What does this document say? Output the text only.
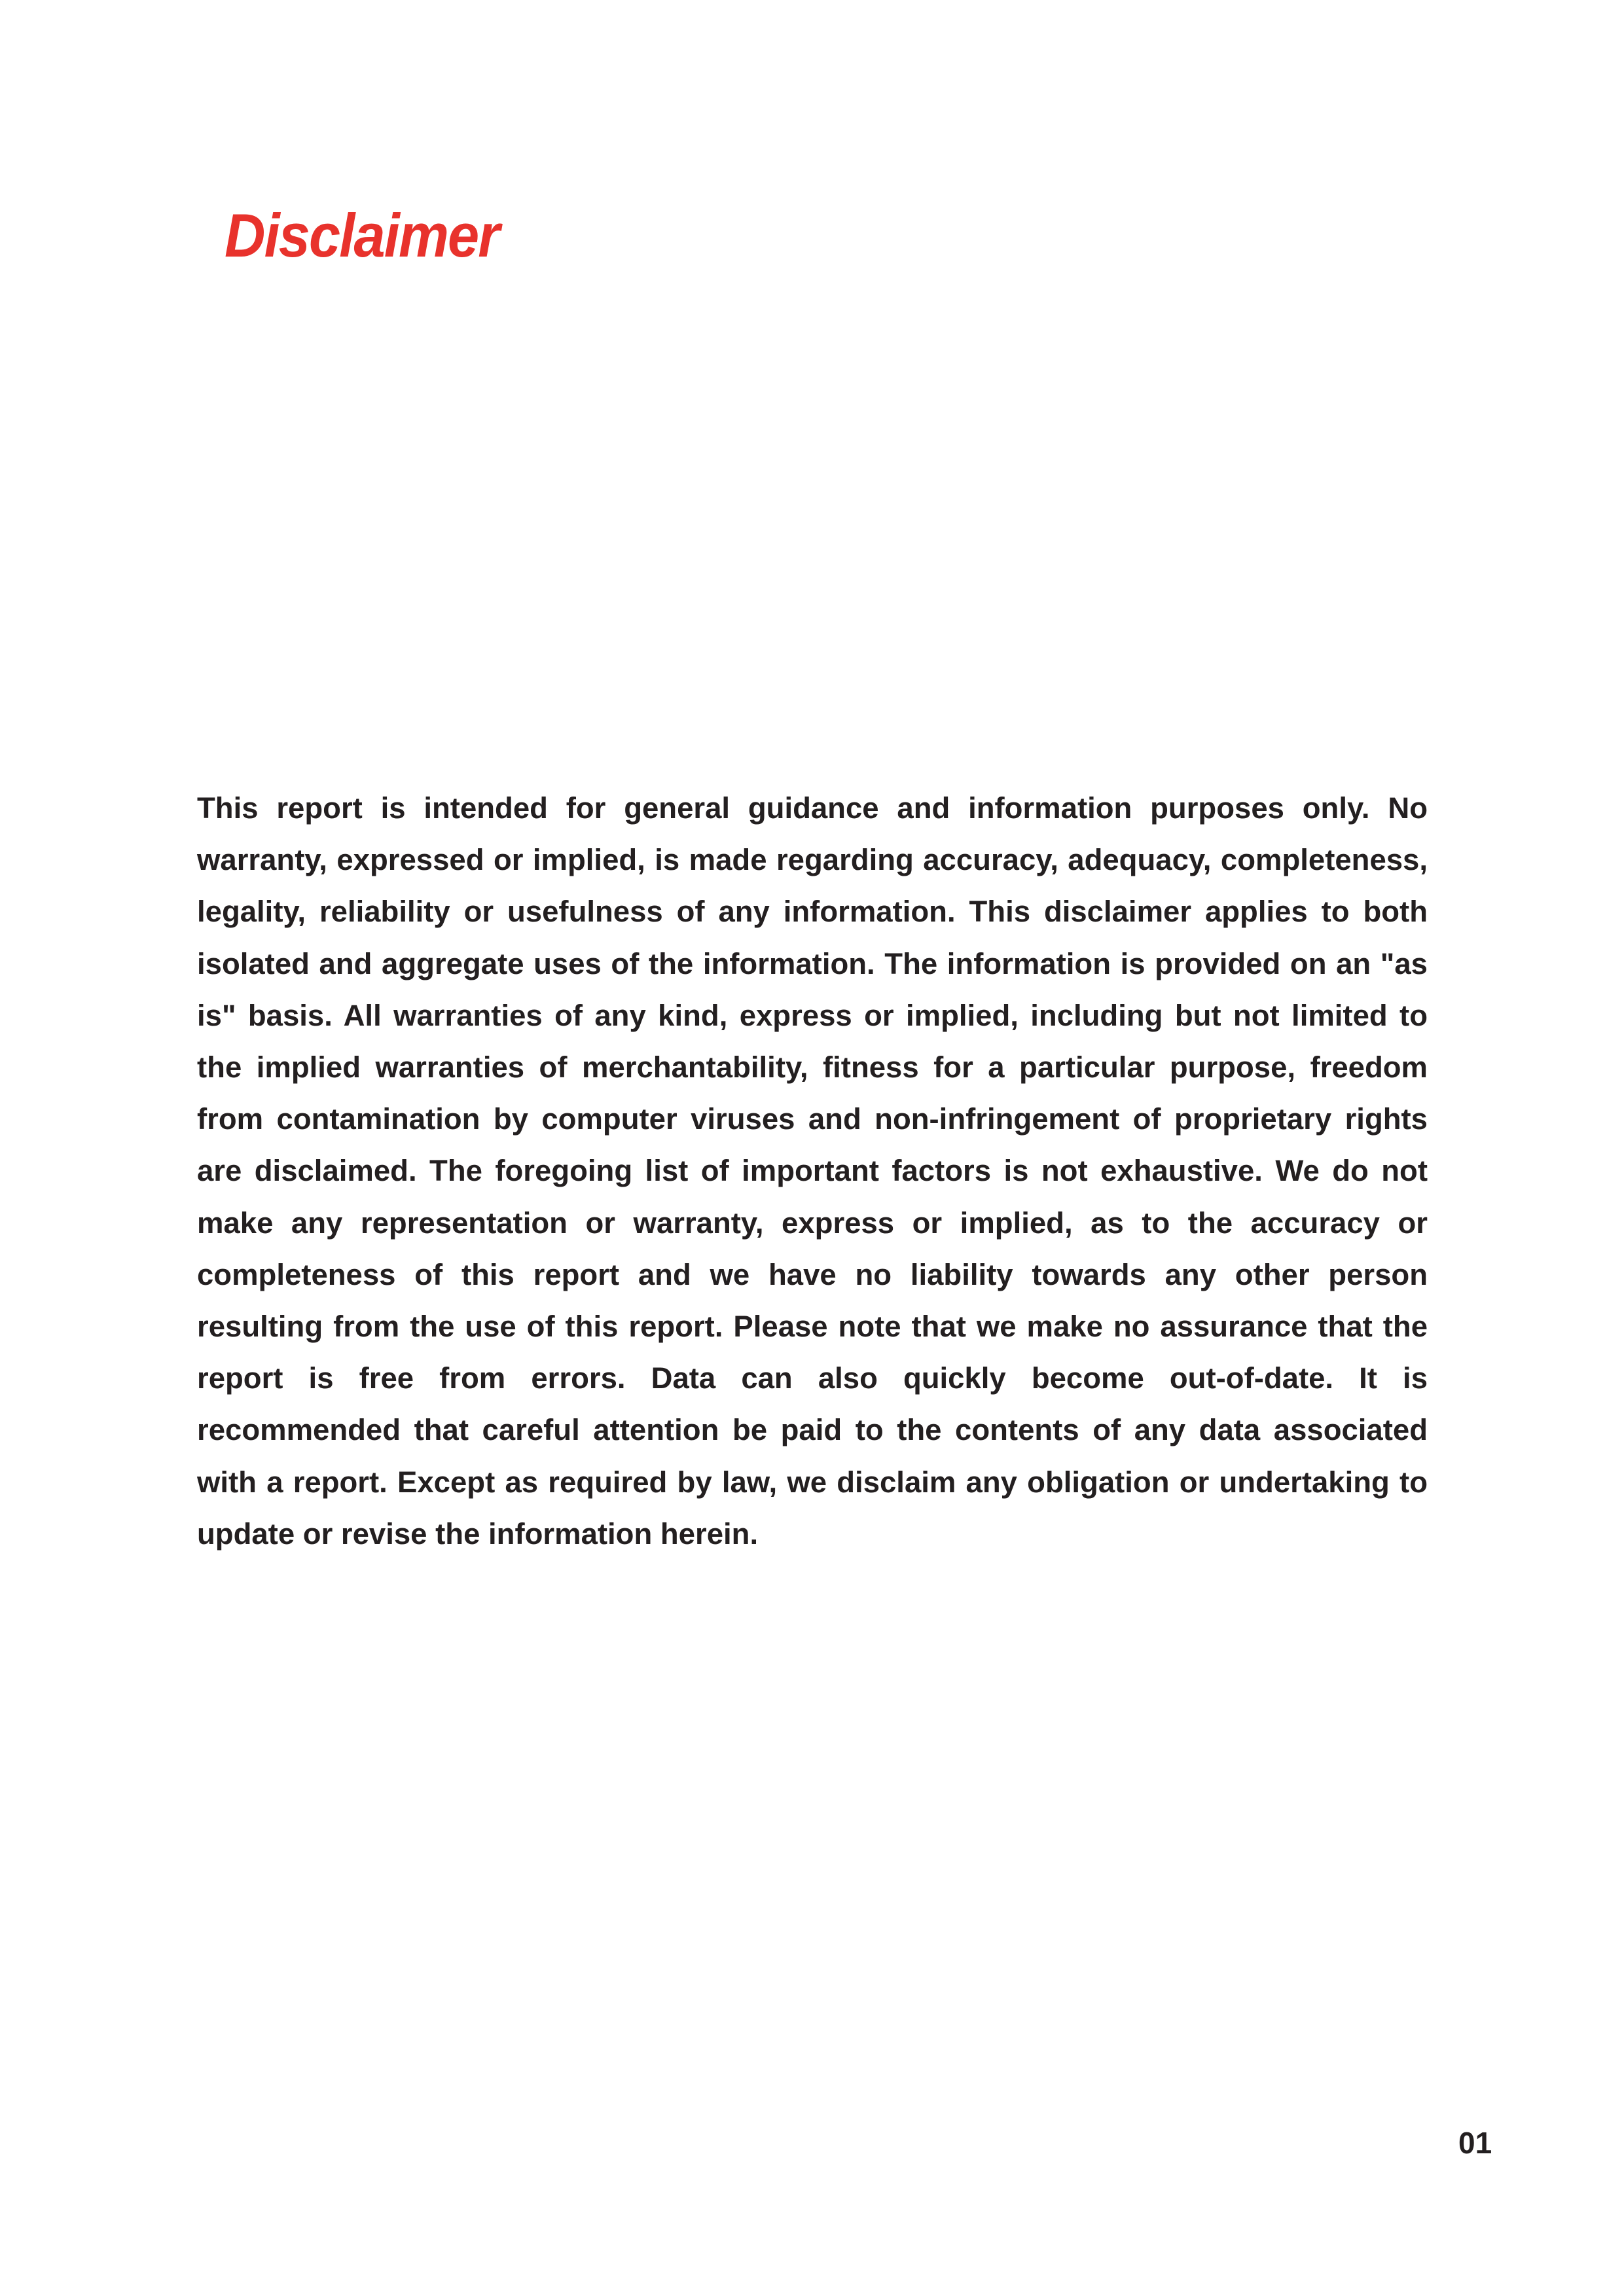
Disclaimer

This report is intended for general guidance and information purposes only. No warranty, expressed or implied, is made regarding accuracy, adequacy, completeness, legality, reliability or usefulness of any information. This disclaimer applies to both isolated and aggregate uses of the information. The information is provided on an "as is" basis. All warranties of any kind, express or implied, including but not limited to the implied warranties of merchantability, fitness for a particular purpose, freedom from contamination by computer viruses and non-infringement of proprietary rights are disclaimed. The foregoing list of important factors is not exhaustive. We do not make any representation or warranty, express or implied, as to the accuracy or completeness of this report and we have no liability towards any other person resulting from the use of this report. Please note that we make no assurance that the report is free from errors. Data can also quickly become out-of-date. It is recommended that careful attention be paid to the contents of any data associated with a report. Except as required by law, we disclaim any obligation or undertaking to update or revise the information herein.

01
